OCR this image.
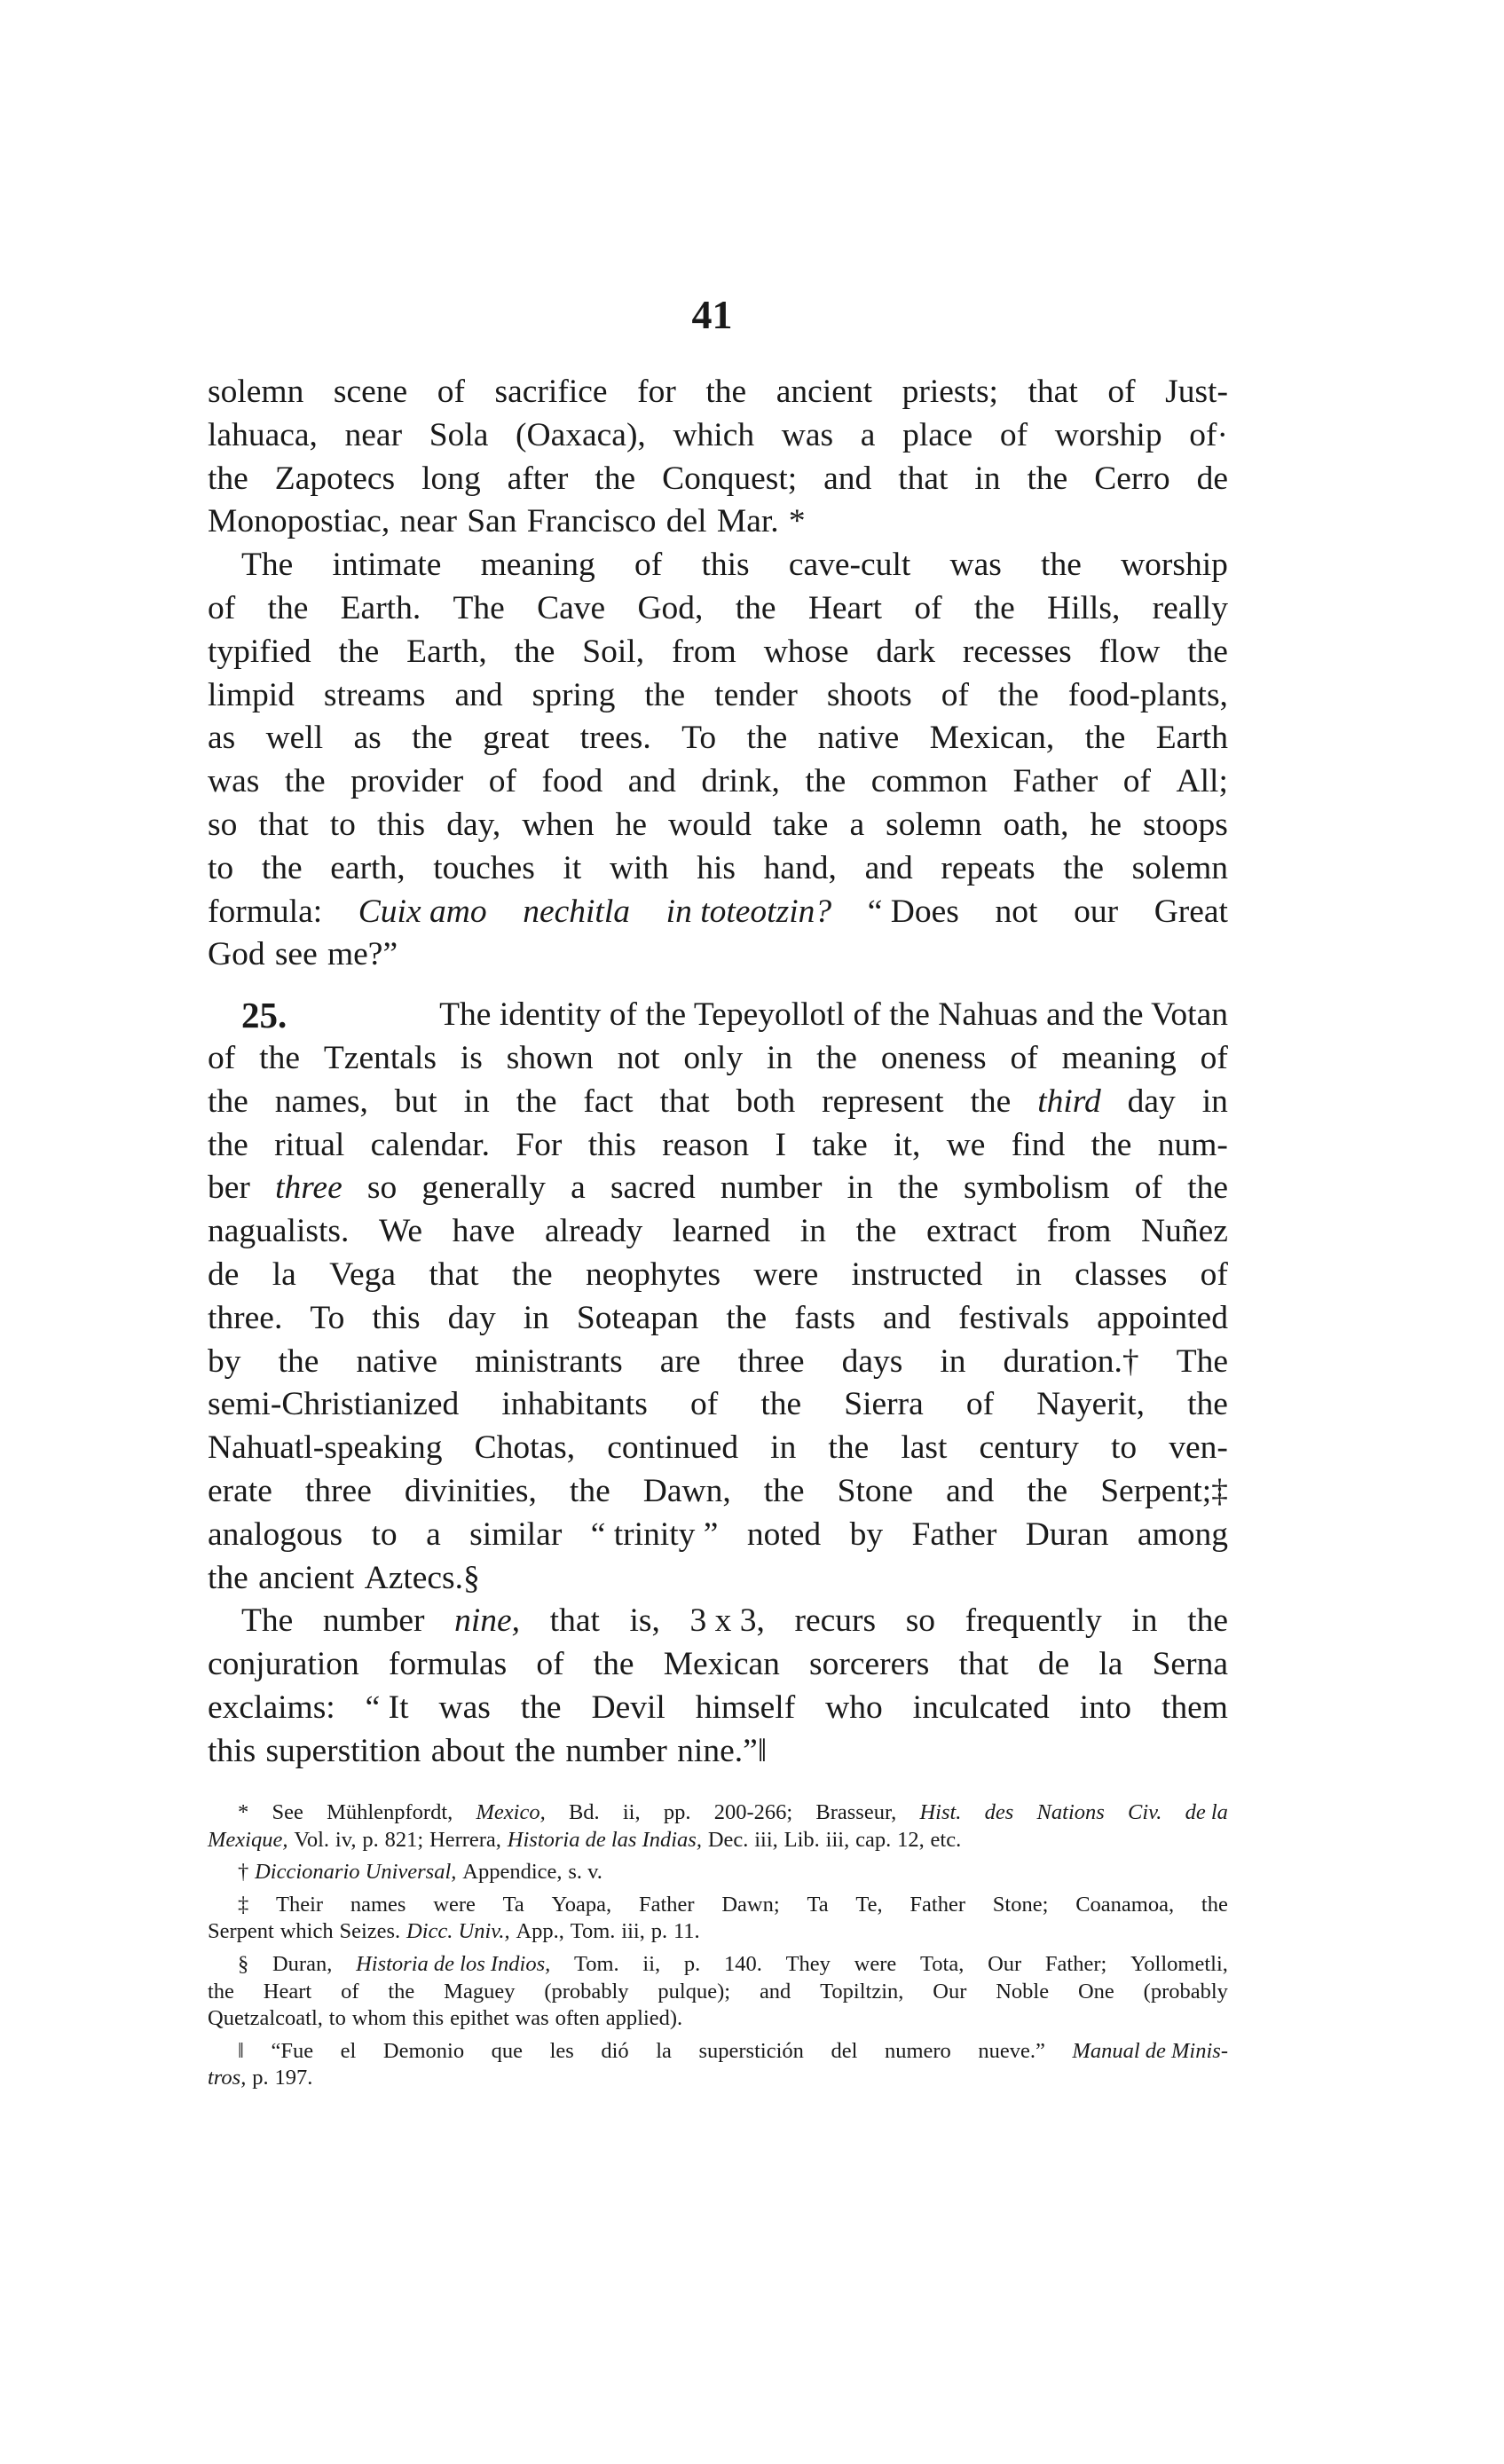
41
solemn scene of sacrifice for the ancient priests; that of Just-
lahuaca, near Sola (Oaxaca), which was a place of worship of·
the Zapotecs long after the Conquest; and that in the Cerro de
Monopostiac, near San Francisco del Mar. *
The intimate meaning of this cave-cult was the worship
of the Earth. The Cave God, the Heart of the Hills, really
typified the Earth, the Soil, from whose dark recesses flow the
limpid streams and spring the tender shoots of the food-plants,
as well as the great trees. To the native Mexican, the Earth
was the provider of food and drink, the common Father of All;
so that to this day, when he would take a solemn oath, he stoops
to the earth, touches it with his hand, and repeats the solemn
formula: Cuix amo nechitla in toteotzin? “ Does not our Great
God see me?”
25.	The identity of the Tepeyollotl of the Nahuas and the Votan
of the Tzentals is shown not only in the oneness of meaning of
the names, but in the fact that both represent the third day in
the ritual calendar. For this reason I take it, we find the num-
ber three so generally a sacred number in the symbolism of the
nagualists. We have already learned in the extract from Nuñez
de la Vega that the neophytes were instructed in classes of
three. To this day in Soteapan the fasts and festivals appointed
by the native ministrants are three days in duration.† The
semi-Christianized inhabitants of the Sierra of Nayerit, the
Nahuatl-speaking Chotas, continued in the last century to ven-
erate three divinities, the Dawn, the Stone and the Serpent;‡
analogous to a similar “ trinity ” noted by Father Duran among
the ancient Aztecs.§
The number nine, that is, 3 x 3, recurs so frequently in the
conjuration formulas of the Mexican sorcerers that de la Serna
exclaims: “ It was the Devil himself who inculcated into them
this superstition about the number nine.”‖
* See Mühlenpfordt, Mexico, Bd. ii, pp. 200-266; Brasseur, Hist. des Nations Civ. de la
Mexique, Vol. iv, p. 821; Herrera, Historia de las Indias, Dec. iii, Lib. iii, cap. 12, etc.
† Diccionario Universal, Appendice, s. v.
‡ Their names were Ta Yoapa, Father Dawn; Ta Te, Father Stone; Coanamoa, the
Serpent which Seizes. Dicc. Univ., App., Tom. iii, p. 11.
§ Duran, Historia de los Indios, Tom. ii, p. 140. They were Tota, Our Father; Yollometli,
the Heart of the Maguey (probably pulque); and Topiltzin, Our Noble One (probably
Quetzalcoatl, to whom this epithet was often applied).
‖ “Fue el Demonio que les dió la superstición del numero nueve.” Manual de Minis-
tros, p. 197.
